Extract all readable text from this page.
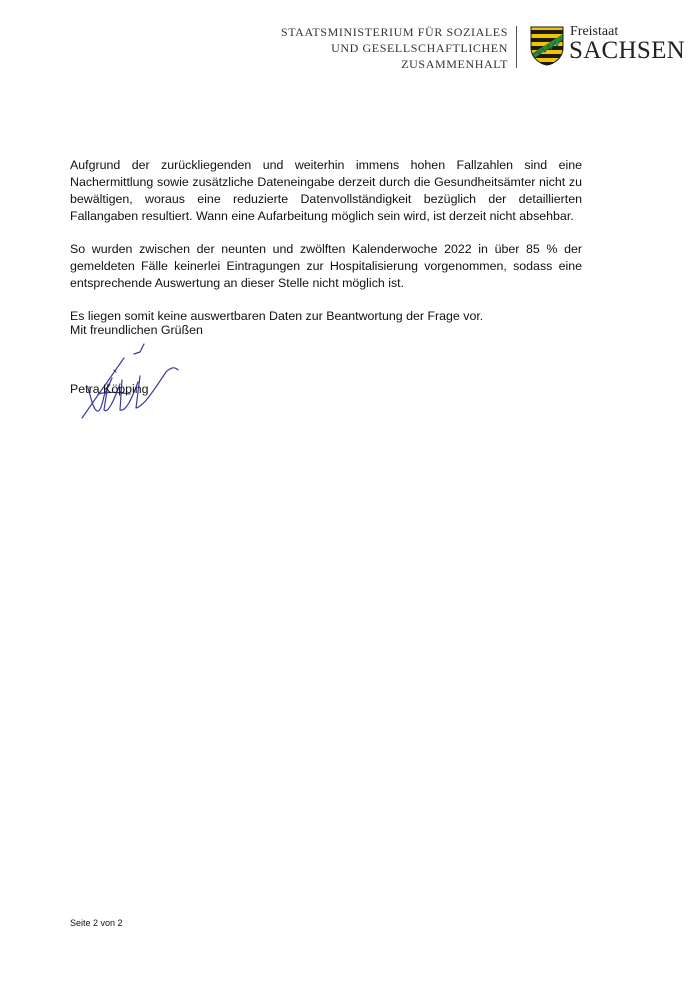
STAATSMINISTERIUM FÜR SOZIALES
UND GESELLSCHAFTLICHEN
ZUSAMMENHALT
Freistaat
SACHSEN

Aufgrund der zurückliegenden und weiterhin immens hohen Fallzahlen sind eine Nachermittlung sowie zusätzliche Dateneingabe derzeit durch die Gesundheitsämter nicht zu bewältigen, woraus eine reduzierte Datenvollständigkeit bezüglich der detaillierten Fallangaben resultiert. Wann eine Aufarbeitung möglich sein wird, ist derzeit nicht absehbar.

So wurden zwischen der neunten und zwölften Kalenderwoche 2022 in über 85 % der gemeldeten Fälle keinerlei Eintragungen zur Hospitalisierung vorgenommen, sodass eine entsprechende Auswertung an dieser Stelle nicht möglich ist.

Es liegen somit keine auswertbaren Daten zur Beantwortung der Frage vor.

Mit freundlichen Grüßen
Petra Köpping
Seite 2 von 2
